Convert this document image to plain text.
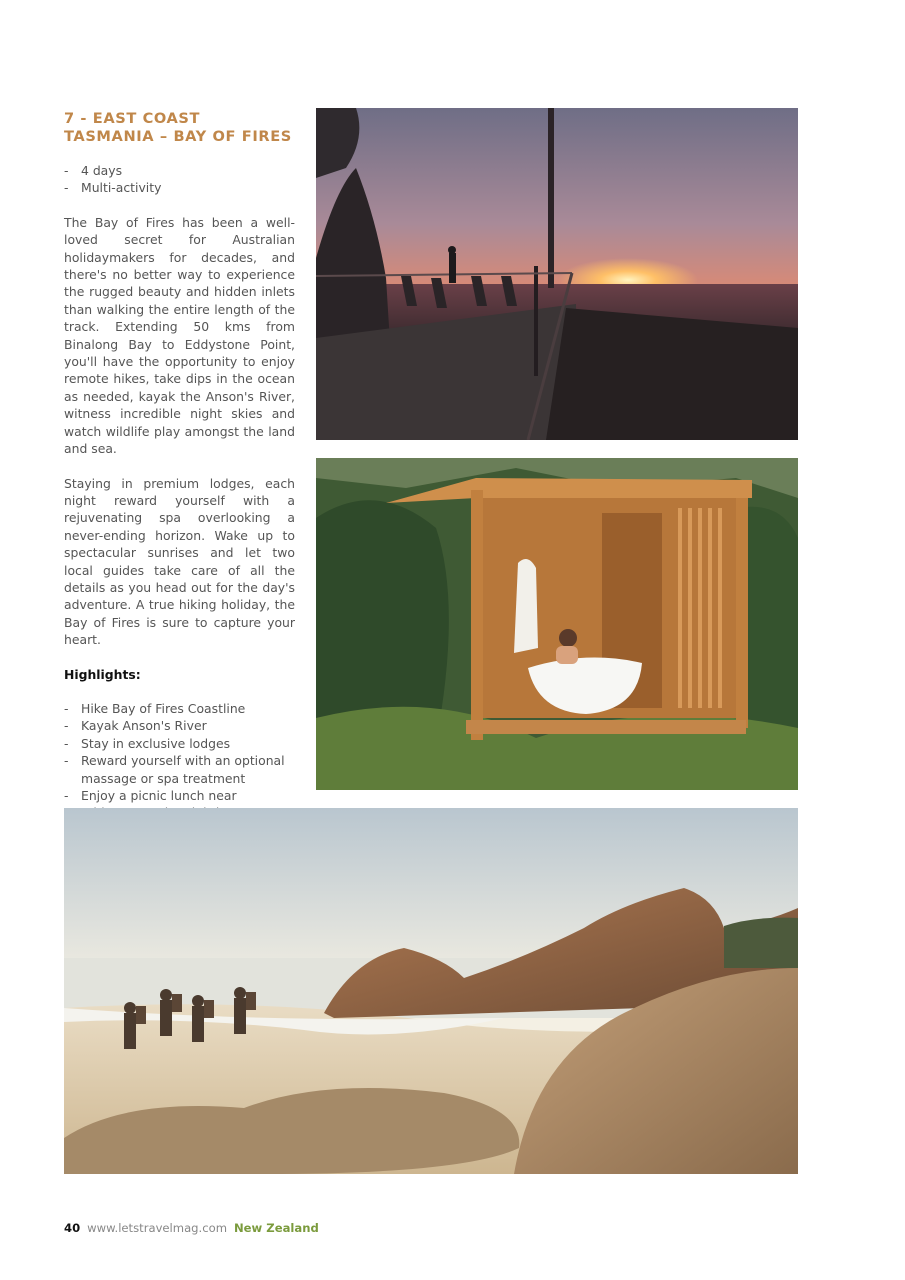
7 - EAST COAST TASMANIA – BAY OF FIRES
- 4 days
- Multi-activity

The Bay of Fires has been a well-loved secret for Australian holidaymakers for decades, and there's no better way to experience the rugged beauty and hidden inlets than walking the entire length of the track. Extending 50 kms from Binalong Bay to Eddystone Point, you'll have the opportunity to enjoy remote hikes, take dips in the ocean as needed, kayak the Anson's River, witness incredible night skies and watch wildlife play amongst the land and sea.

Staying in premium lodges, each night reward yourself with a rejuvenating spa overlooking a never-ending horizon. Wake up to spectacular sunrises and let two local guides take care of all the details as you head out for the day's adventure. A true hiking holiday, the Bay of Fires is sure to capture your heart.

Highlights:
- Hike Bay of Fires Coastline
- Kayak Anson's River
- Stay in exclusive lodges
- Reward yourself with an optional massage or spa treatment
- Enjoy a picnic lunch near
40 www.letstravelmag.com New Zealand
